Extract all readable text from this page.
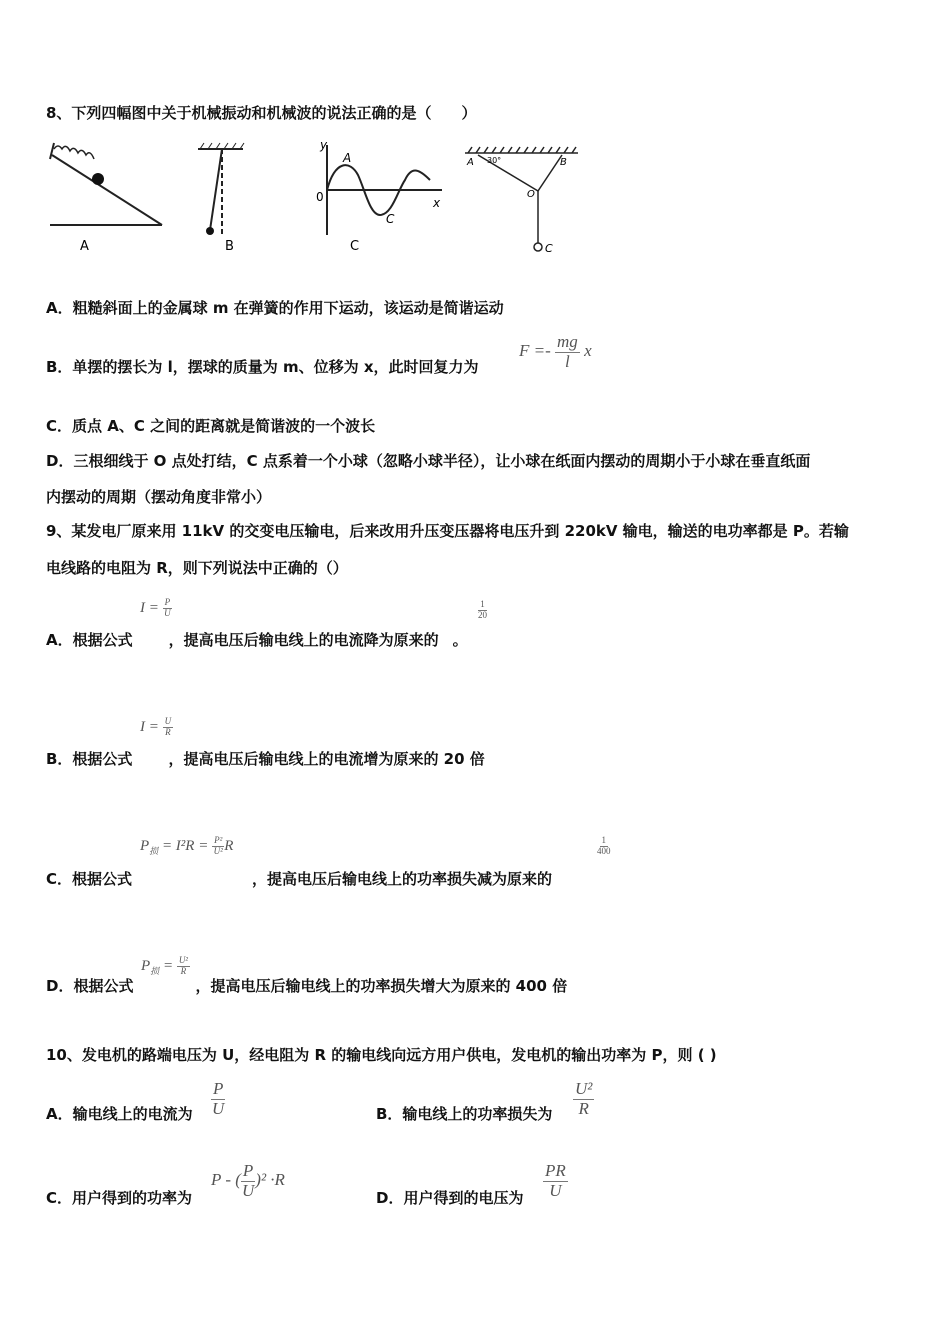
8、下列四幅图中关于机械振动和机械波的说法正确的是（　　）
y
x
0
A
C
A 30°	B
O
C
A	B	C
A．粗糙斜面上的金属球 m 在弹簧的作用下运动，该运动是简谐运动
B．单摆的摆长为 l，摆球的质量为 m、位移为 x，此时回复力为
$F =- \frac{mg}{l}$ x
C．质点 A、C 之间的距离就是简谐波的一个波长
D．三根细线于 O 点处打结，C 点系着一个小球（忽略小球半径），让小球在纸面内摆动的周期小于小球在垂直纸面
内摆动的周期（摆动角度非常小）
9、某发电厂原来用 11kV 的交变电压输电，后来改用升压变压器将电压升到 220kV 输电，输送的电功率都是 P。若输
电线路的电阻为 R，则下列说法中正确的（）
A．根据公式 ，提高电压后输电线上的电流降为原来的 。
$I = \frac{P}{U}$	$\frac{1}{20}$
B．根据公式 ，提高电压后输电线上的电流增为原来的 20 倍
$I = \frac{U}{R}$
C．根据公式	，提高电压后输电线上的功率损失减为原来的
$P_损 = I^2R = \frac{\text{P²}}{\text{U²}}$ R	$\frac{1}{400}$
D．根据公式	，提高电压后输电线上的功率损失增大为原来的 400 倍
$P_损 = \frac{\text{U²}}{R}$
10、发电机的路端电压为 U，经电阻为 R 的输电线向远方用户供电，发电机的输出功率为 P，则 ( )
A．输电线上的电流为 $\frac{P}{U}$	B．输电线上的功率损失为 $\frac{\text{U²}}{R}$
C．用户得到的功率为
P - ( $\frac{P}{U} )^2 \cdot R$
D．用户得到的电压为 $\frac{PR}{U}$
